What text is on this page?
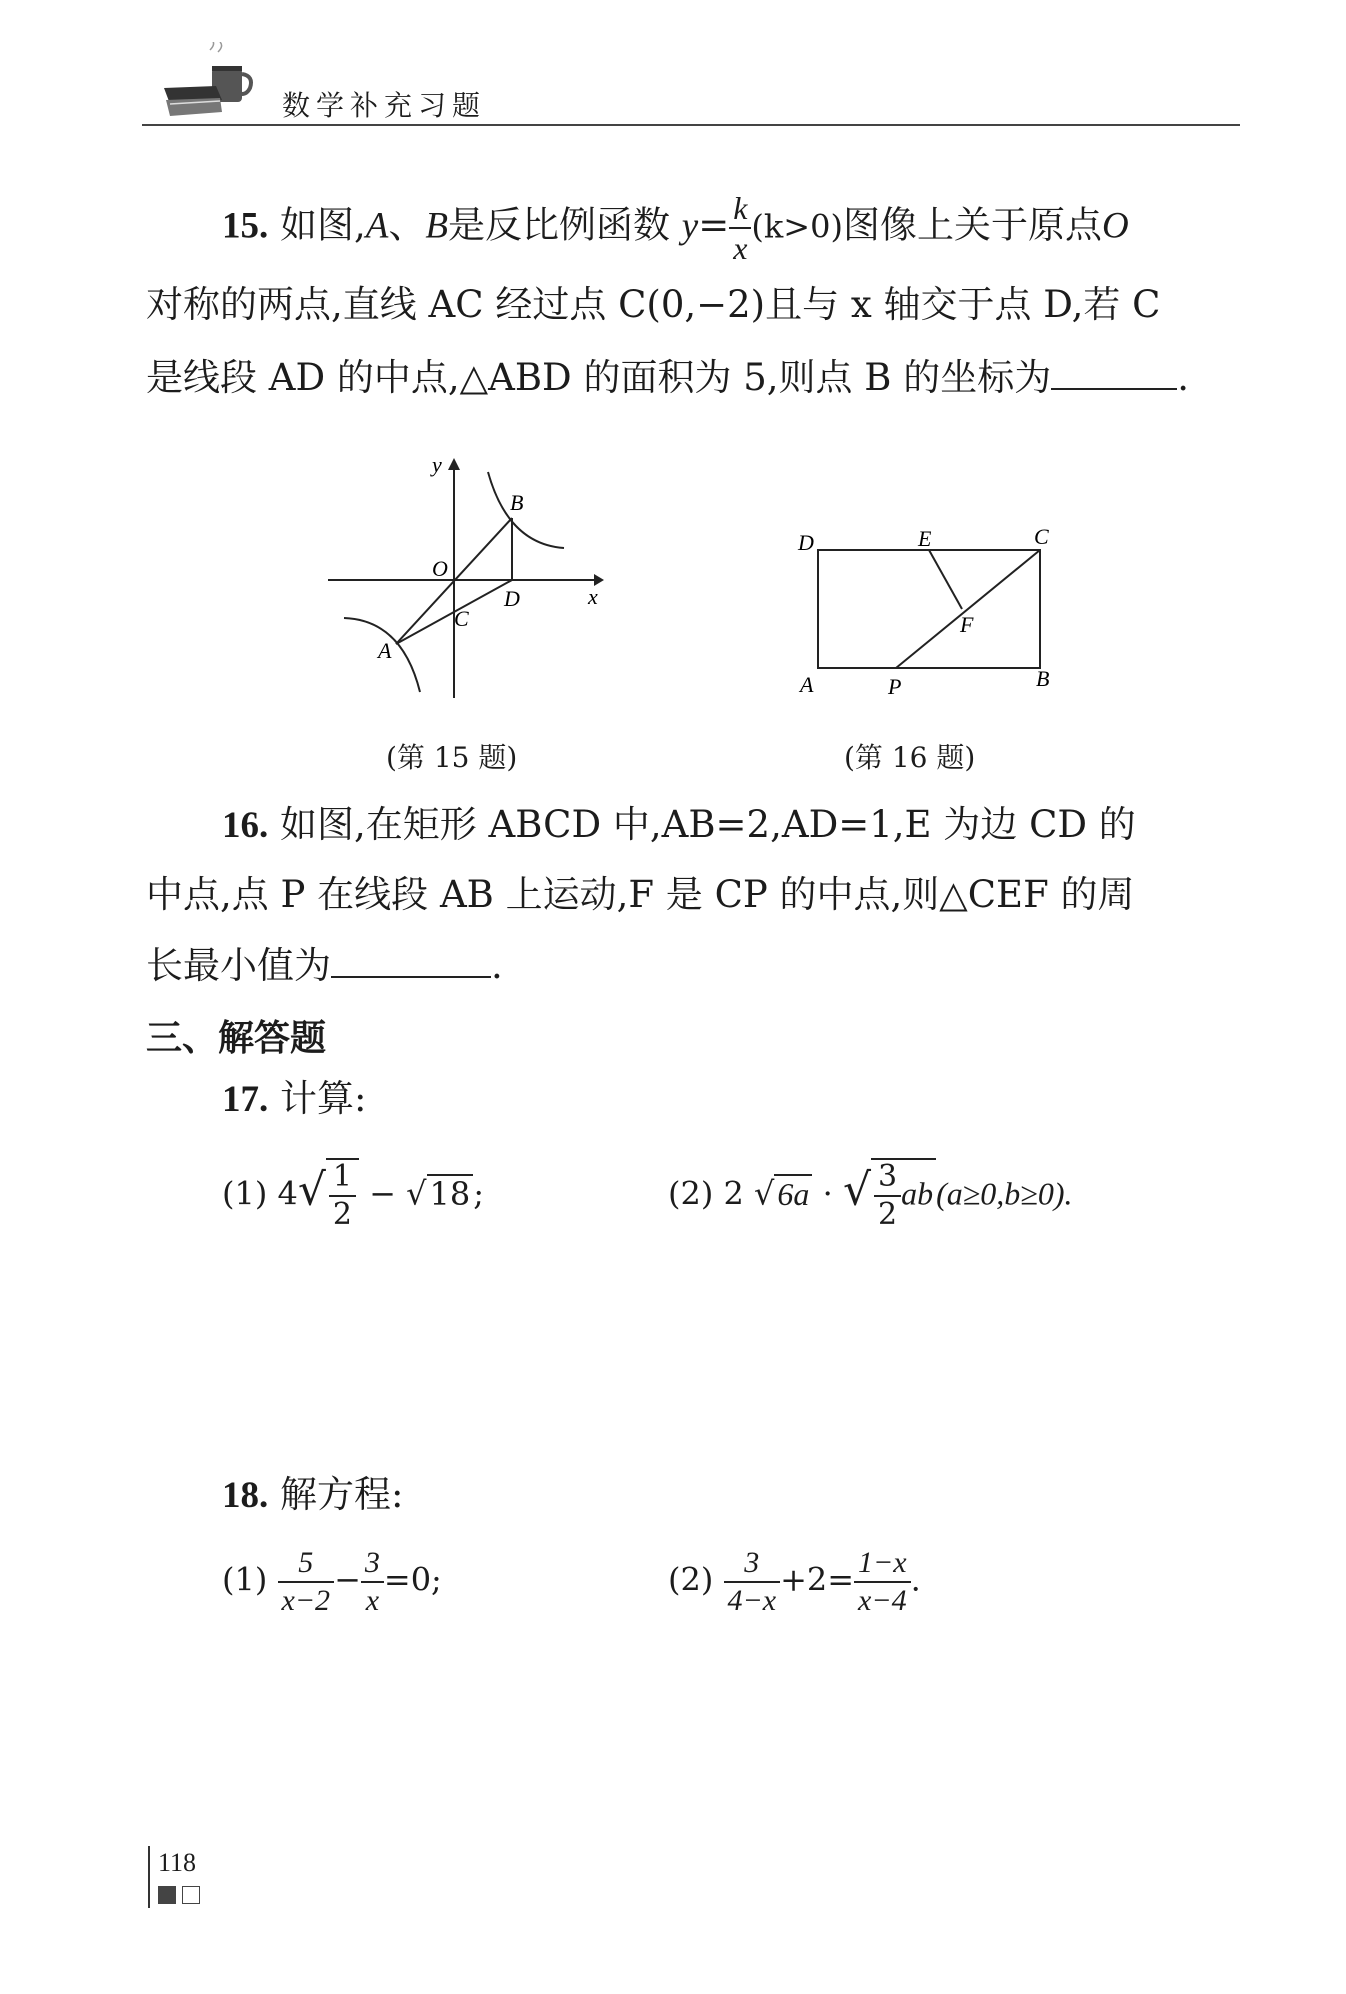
数学补充习题
15. 如图,A、B是反比例函数 $y= \frac{k}{x} (k>0)$图像上关于原点O
对称的两点,直线 AC 经过点 C(0,−2)且与 x 轴交于点 D,若 C
是线段 AD 的中点,△ABD 的面积为 5,则点 B 的坐标为	.
y
x
O
B
D
C
A
(第 15 题)
D	E	C
F
A	P	B
(第 16 题)
16. 如图,在矩形 ABCD 中,AB=2,AD=1,E 为边 CD 的
中点,点 P 在线段 AB 上运动,F 是 CP 的中点,则△CEF 的周
长最小值为	.
三、解答题
17. 计算:
(1) $4√ \frac{1}{2} - √18$;	(2) 2 √6a · √ $\frac{3}{2} ab(a\ge 0,b\ge 0)$.
18. 解方程:
$(1) \frac{5}{x-2} - \frac{3}{x} =0$;	$(2) \frac{3}{4-x} +2= \frac{1-x}{x-4}$ .
118
